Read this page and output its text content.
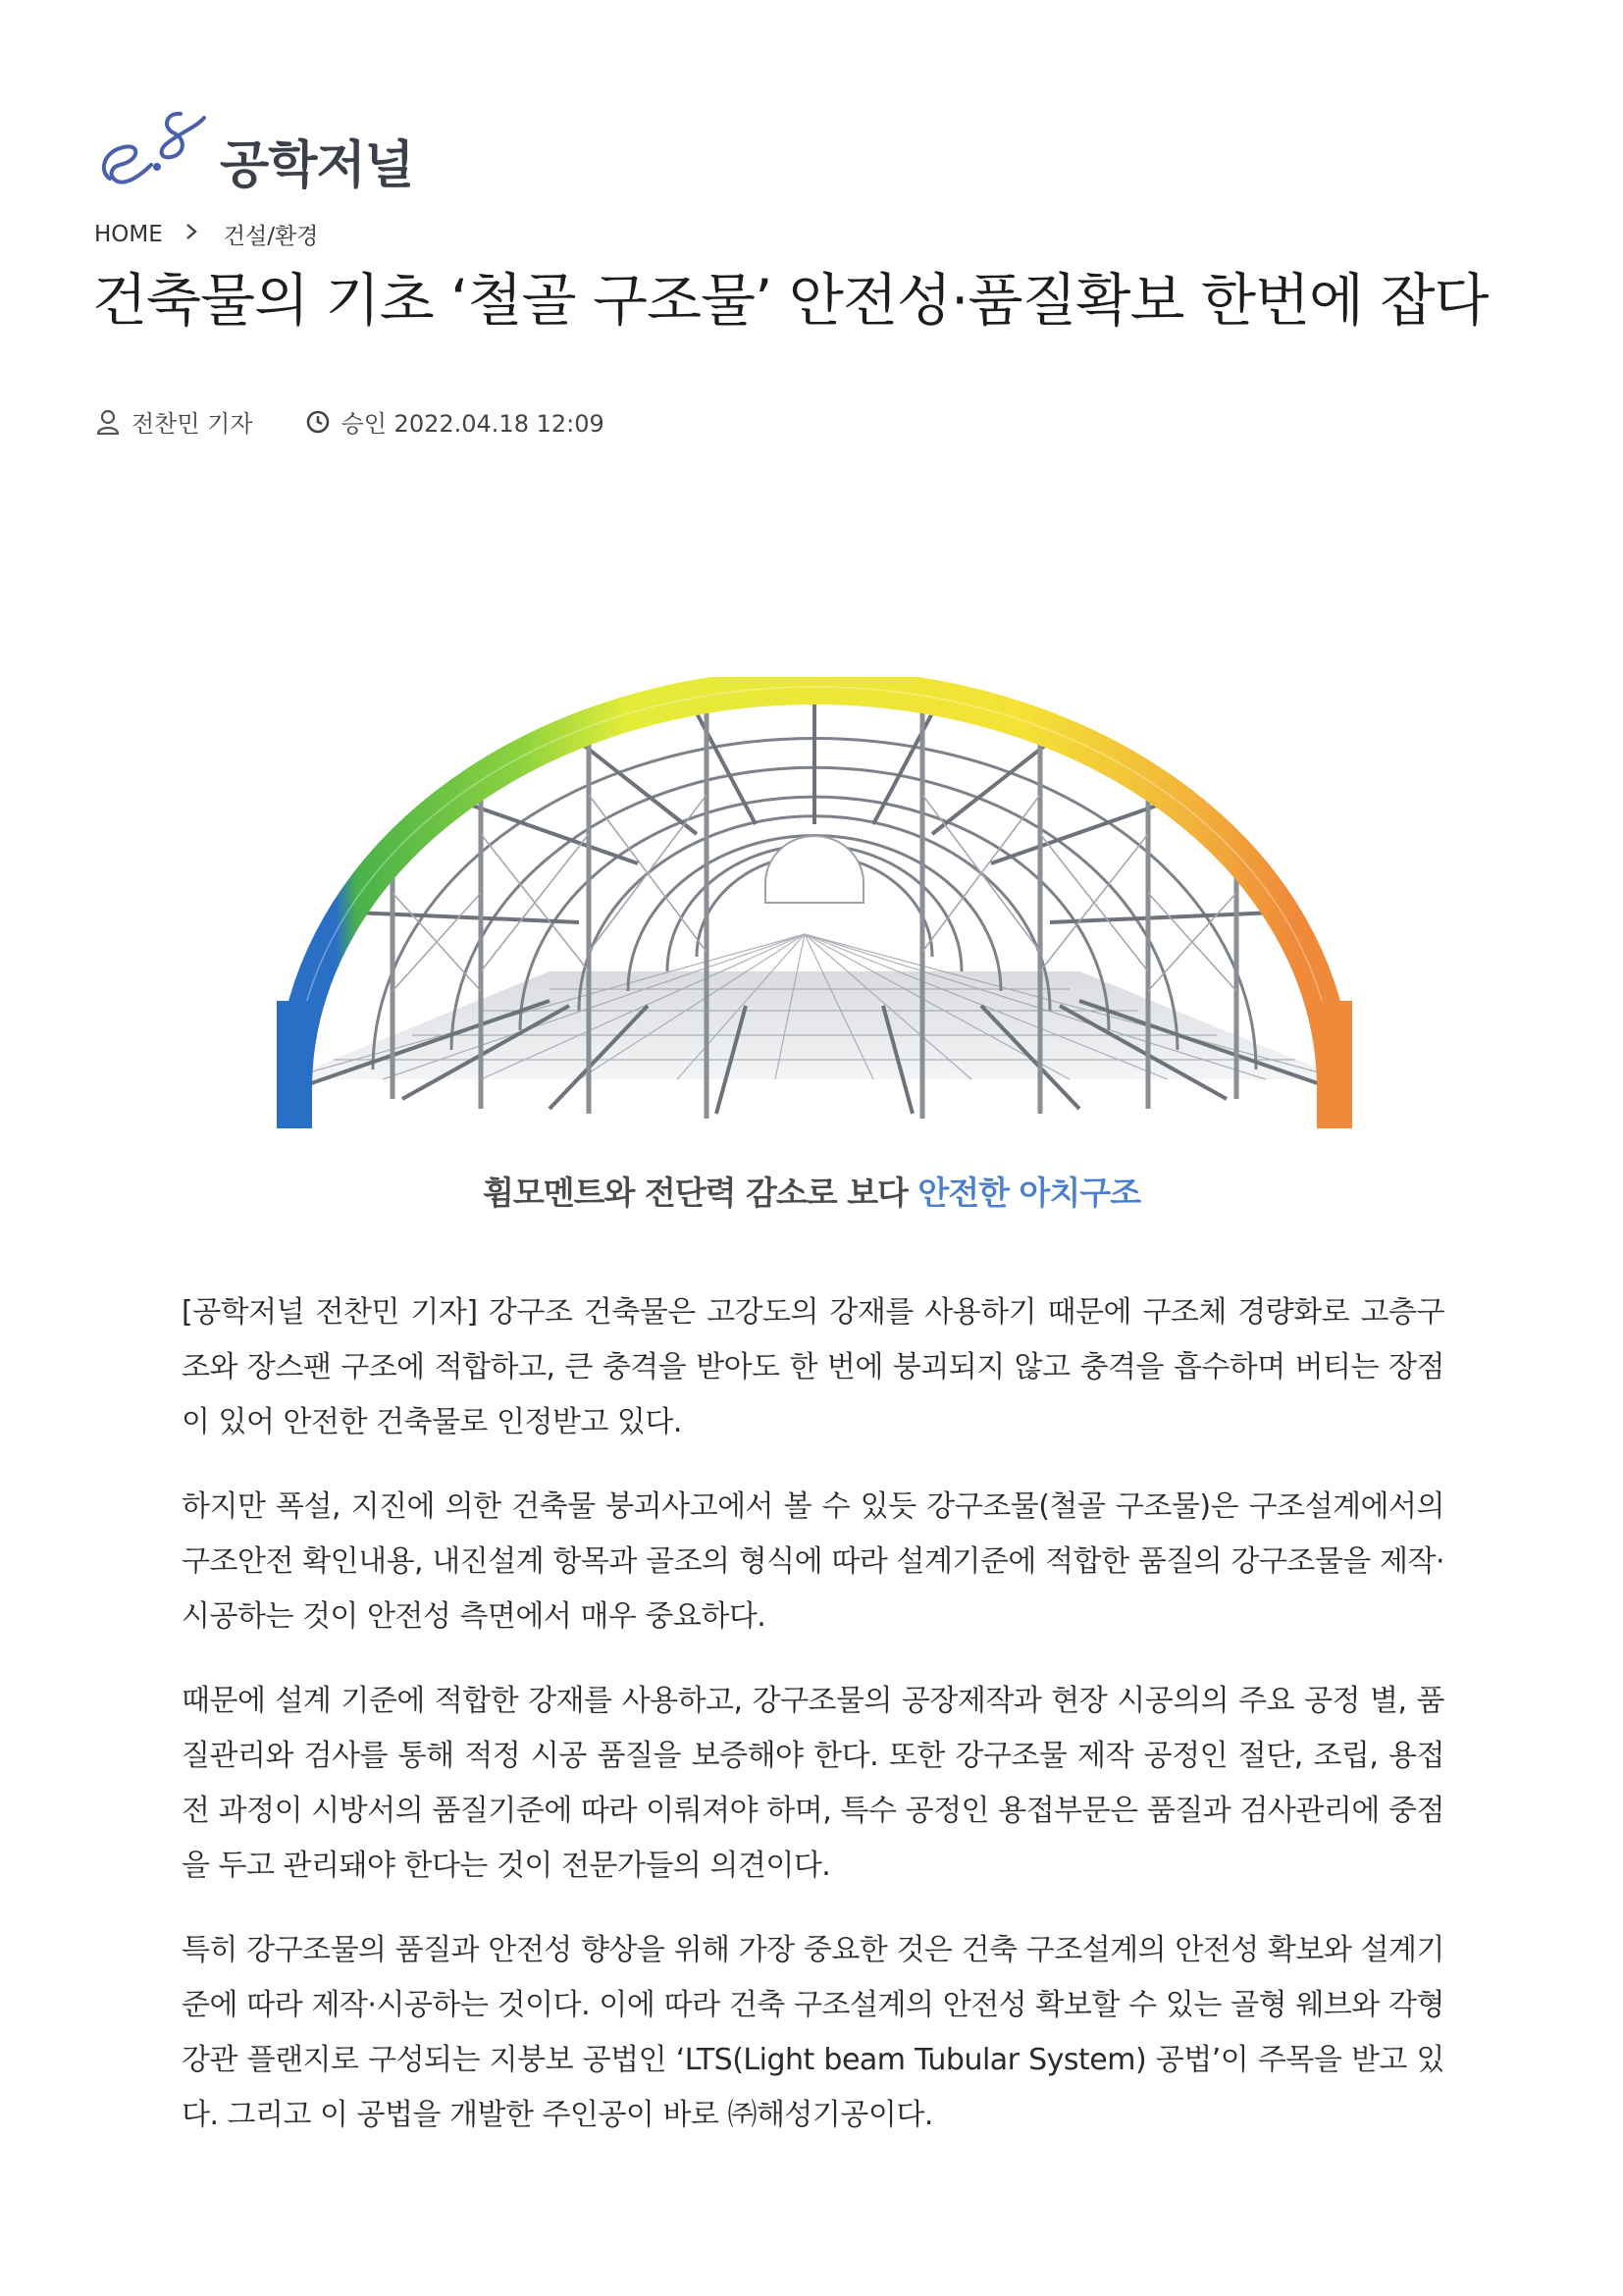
공학저널
HOME	건설/환경
건축물의 기초 ‘철골 구조물’ 안전성·품질확보 한번에 잡다
전찬민 기자	승인 2022.04.18 12:09
휨모멘트와 전단력 감소로 보다 안전한 아치구조

[공학저널 전찬민 기자] 강구조 건축물은 고강도의 강재를 사용하기 때문에 구조체 경량화로 고층구조와 장스팬 구조에 적합하고, 큰 충격을 받아도 한 번에 붕괴되지 않고 충격을 흡수하며 버티는 장점이 있어 안전한 건축물로 인정받고 있다.

하지만 폭설, 지진에 의한 건축물 붕괴사고에서 볼 수 있듯 강구조물(철골 구조물)은 구조설계에서의 구조안전 확인내용, 내진설계 항목과 골조의 형식에 따라 설계기준에 적합한 품질의 강구조물을 제작·시공하는 것이 안전성 측면에서 매우 중요하다.

때문에 설계 기준에 적합한 강재를 사용하고, 강구조물의 공장제작과 현장 시공의의 주요 공정 별, 품질관리와 검사를 통해 적정 시공 품질을 보증해야 한다. 또한 강구조물 제작 공정인 절단, 조립, 용접 전 과정이 시방서의 품질기준에 따라 이뤄져야 하며, 특수 공정인 용접부문은 품질과 검사관리에 중점을 두고 관리돼야 한다는 것이 전문가들의 의견이다.

특히 강구조물의 품질과 안전성 향상을 위해 가장 중요한 것은 건축 구조설계의 안전성 확보와 설계기준에 따라 제작·시공하는 것이다. 이에 따라 건축 구조설계의 안전성 확보할 수 있는 골형 웨브와 각형강관 플랜지로 구성되는 지붕보 공법인 ‘LTS(Light beam Tubular System) 공법’이 주목을 받고 있다. 그리고 이 공법을 개발한 주인공이 바로 ㈜해성기공이다.
